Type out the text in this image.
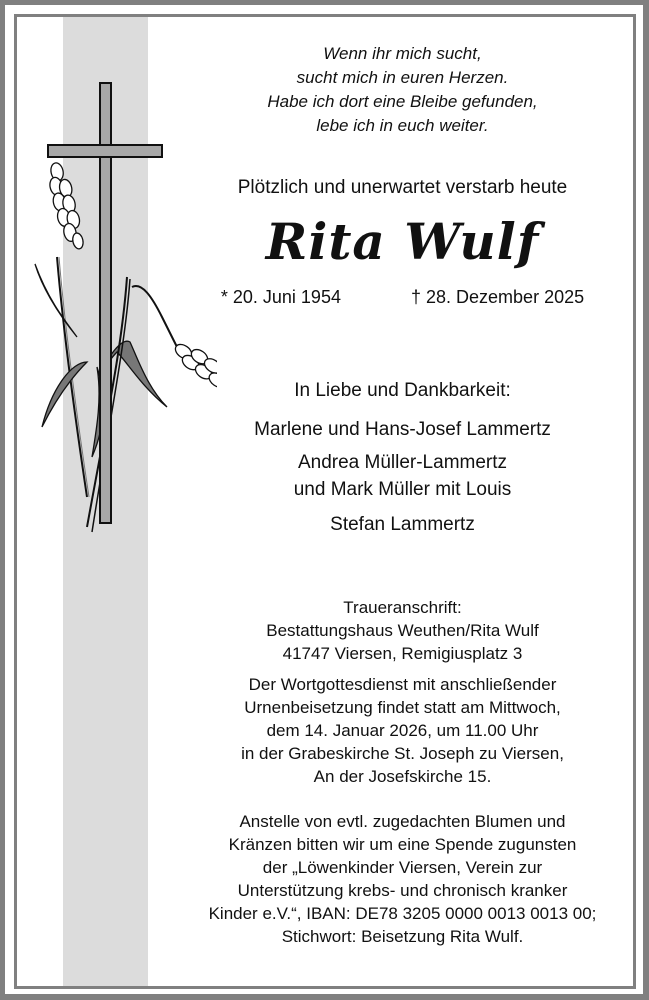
Wenn ihr mich sucht,
sucht mich in euren Herzen.
Habe ich dort eine Bleibe gefunden,
lebe ich in euch weiter.
Plötzlich und unerwartet verstarb heute
Rita Wulf
* 20. Juni 1954	† 28. Dezember 2025
In Liebe und Dankbarkeit:
Marlene und Hans-Josef Lammertz
Andrea Müller-Lammertz
und Mark Müller mit Louis
Stefan Lammertz
Traueranschrift:
Bestattungshaus Weuthen/Rita Wulf
41747 Viersen, Remigiusplatz 3
Der Wortgottesdienst mit anschließender
Urnenbeisetzung findet statt am Mittwoch,
dem 14. Januar 2026, um 11.00 Uhr
in der Grabeskirche St. Joseph zu Viersen,
An der Josefskirche 15.
Anstelle von evtl. zugedachten Blumen und
Kränzen bitten wir um eine Spende zugunsten
der „Löwenkinder Viersen, Verein zur
Unterstützung krebs- und chronisch kranker
Kinder e.V.“, IBAN: DE78 3205 0000 0013 0013 00;
Stichwort: Beisetzung Rita Wulf.
